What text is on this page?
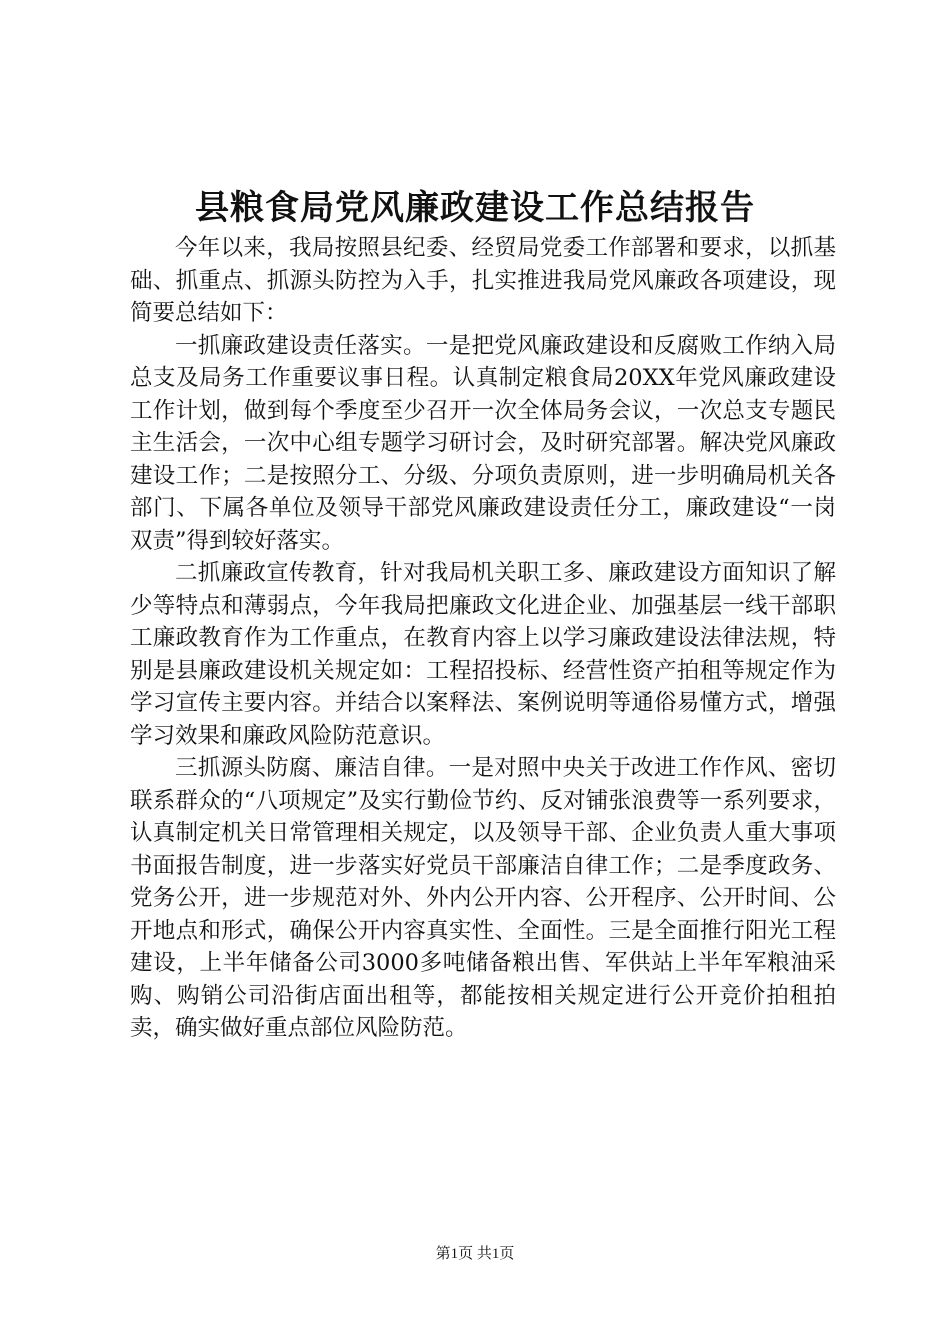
县粮食局党风廉政建设工作总结报告

今年以来，我局按照县纪委、经贸局党委工作部署和要求，以抓基础、抓重点、抓源头防控为入手，扎实推进我局党风廉政各项建设，现简要总结如下：

一抓廉政建设责任落实。一是把党风廉政建设和反腐败工作纳入局总支及局务工作重要议事日程。认真制定粮食局20XX年党风廉政建设工作计划，做到每个季度至少召开一次全体局务会议，一次总支专题民主生活会，一次中心组专题学习研讨会，及时研究部署。解决党风廉政建设工作；二是按照分工、分级、分项负责原则，进一步明确局机关各部门、下属各单位及领导干部党风廉政建设责任分工，廉政建设“一岗双责”得到较好落实。

二抓廉政宣传教育，针对我局机关职工多、廉政建设方面知识了解少等特点和薄弱点，今年我局把廉政文化进企业、加强基层一线干部职工廉政教育作为工作重点，在教育内容上以学习廉政建设法律法规，特别是县廉政建设机关规定如：工程招投标、经营性资产拍租等规定作为学习宣传主要内容。并结合以案释法、案例说明等通俗易懂方式，增强学习效果和廉政风险防范意识。

三抓源头防腐、廉洁自律。一是对照中央关于改进工作作风、密切联系群众的“八项规定”及实行勤俭节约、反对铺张浪费等一系列要求，认真制定机关日常管理相关规定，以及领导干部、企业负责人重大事项书面报告制度，进一步落实好党员干部廉洁自律工作；二是季度政务、党务公开，进一步规范对外、外内公开内容、公开程序、公开时间、公开地点和形式，确保公开内容真实性、全面性。三是全面推行阳光工程建设，上半年储备公司3000多吨储备粮出售、军供站上半年军粮油采购、购销公司沿街店面出租等，都能按相关规定进行公开竞价拍租拍卖，确实做好重点部位风险防范。

第1页 共1页
